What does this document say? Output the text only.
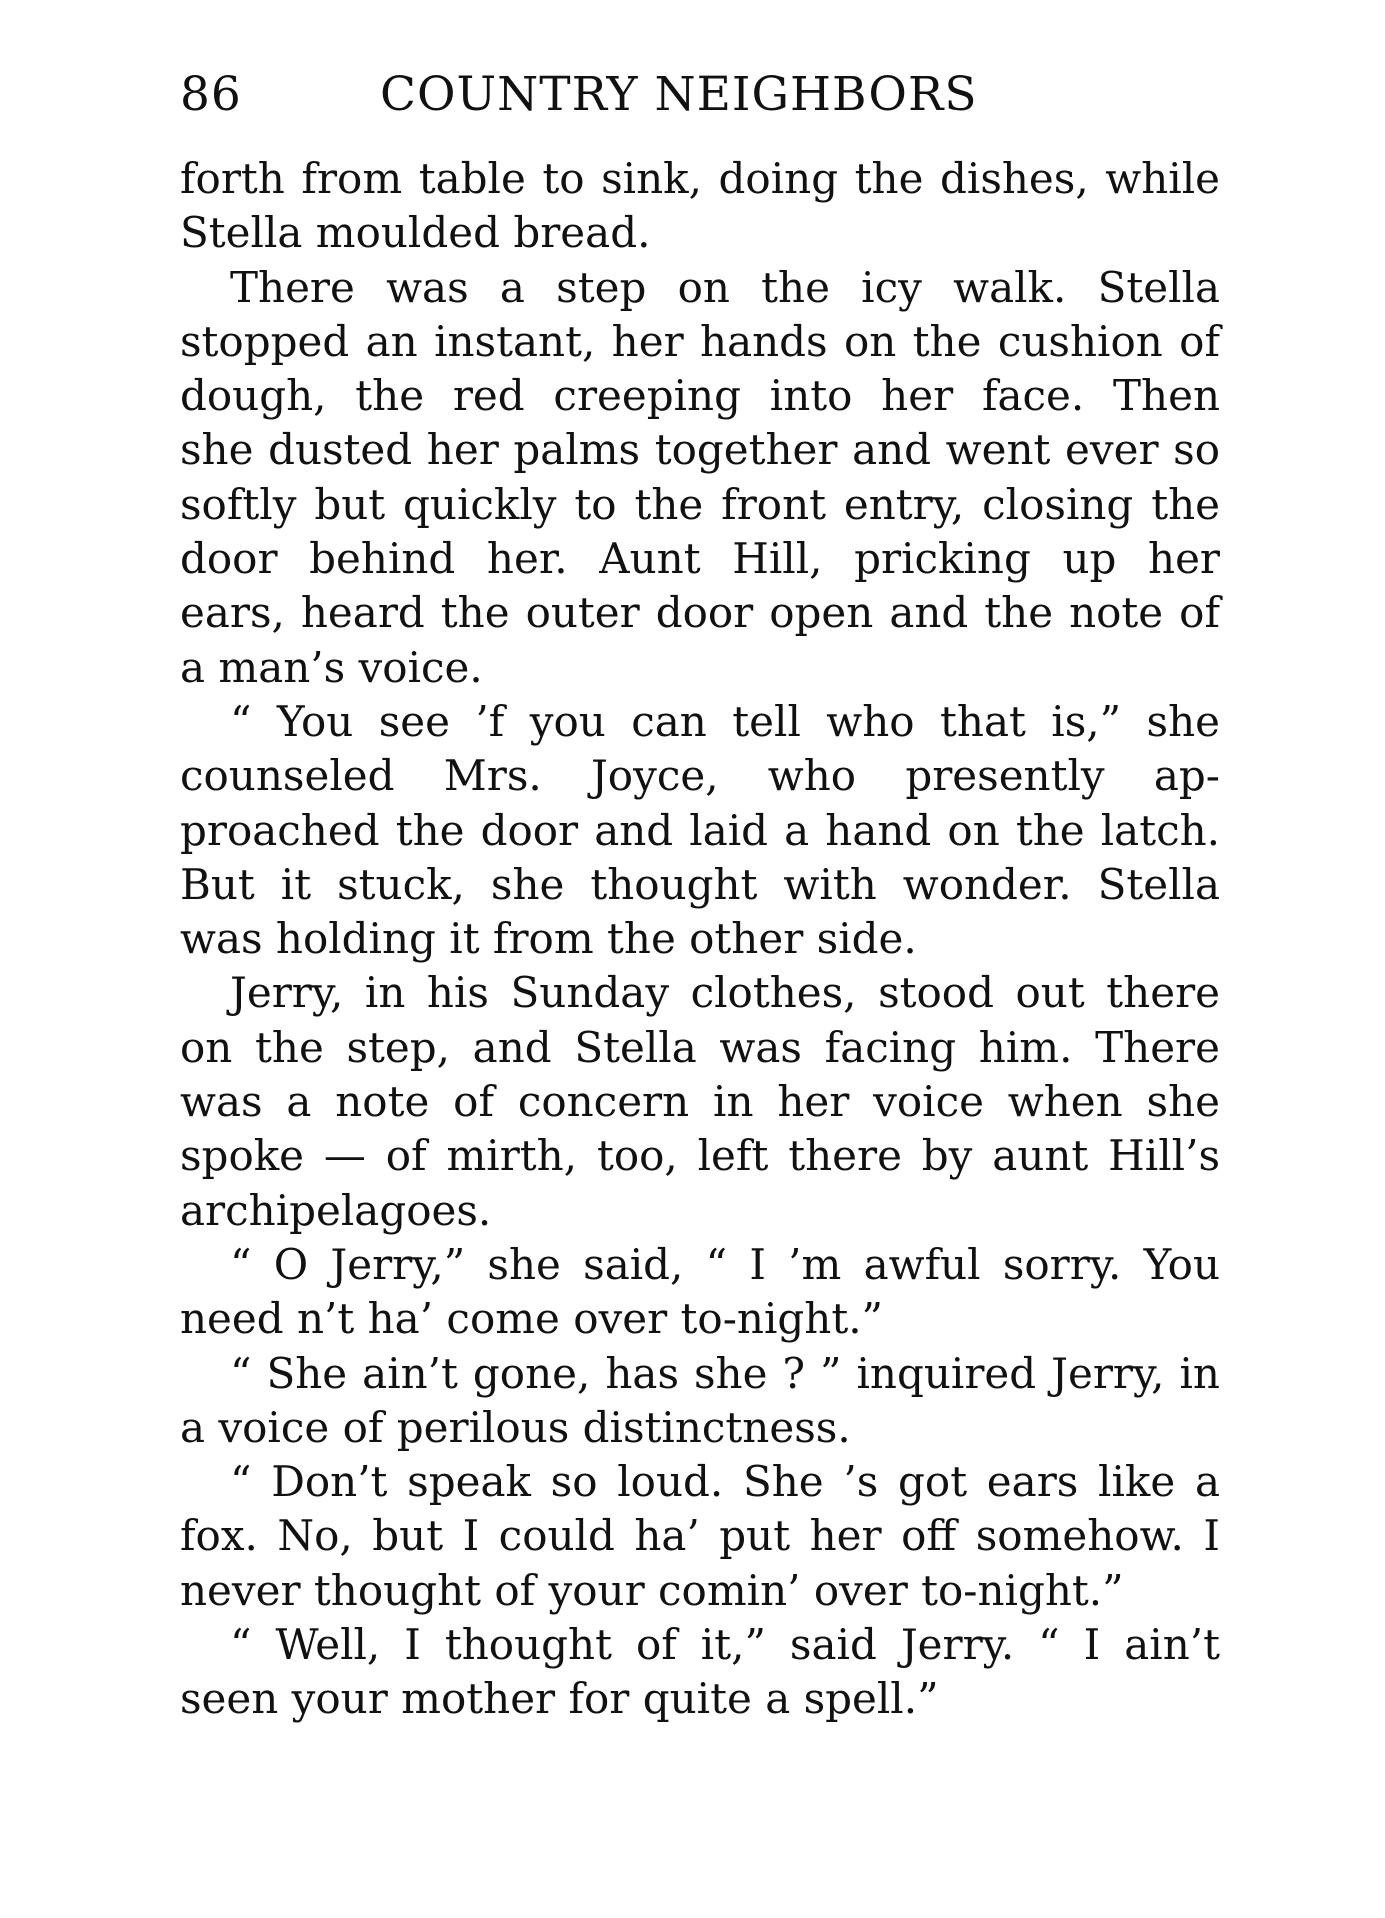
86	COUNTRY NEIGHBORS
forth from table to sink, doing the dishes, while
Stella moulded bread.
There was a step on the icy walk. Stella
stopped an instant, her hands on the cushion of
dough, the red creeping into her face. Then
she dusted her palms together and went ever so
softly but quickly to the front entry, closing the
door behind her. Aunt Hill, pricking up her
ears, heard the outer door open and the note of
a man’s voice.
“ You see ’f you can tell who that is,” she
counseled Mrs. Joyce, who presently ap-
proached the door and laid a hand on the latch.
But it stuck, she thought with wonder. Stella
was holding it from the other side.
Jerry, in his Sunday clothes, stood out there
on the step, and Stella was facing him. There
was a note of concern in her voice when she
spoke — of mirth, too, left there by aunt Hill’s
archipelagoes.
“ O Jerry,” she said, “ I ’m awful sorry. You
need n’t ha’ come over to-night.”
“ She ain’t gone, has she ? ” inquired Jerry, in
a voice of perilous distinctness.
“ Don’t speak so loud. She ’s got ears like a
fox. No, but I could ha’ put her off somehow. I
never thought of your comin’ over to-night.”
“ Well, I thought of it,” said Jerry. “ I ain’t
seen your mother for quite a spell.”
